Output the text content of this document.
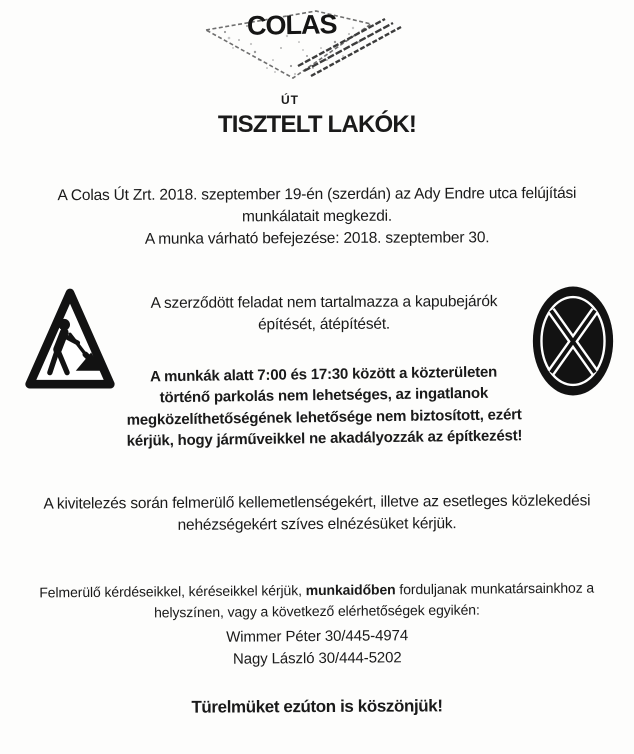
COLAS
ÚT
TISZTELT LAKÓK!
A Colas Út Zrt. 2018. szeptember 19-én (szerdán) az Ady Endre utca felújítási munkálatait megkezdi.
A munka várható befejezése: 2018. szeptember 30.

A szerződött feladat nem tartalmazza a kapubejárók építését, átépítését.

A munkák alatt 7:00 és 17:30 között a közterületen történő parkolás nem lehetséges, az ingatlanok megközelíthetőségének lehetősége nem biztosított, ezért kérjük, hogy járműveikkel ne akadályozzák az építkezést!

A kivitelezés során felmerülő kellemetlenségekért, illetve az esetleges közlekedési nehézségekért szíves elnézésüket kérjük.
Felmerülő kérdéseikkel, kéréseikkel kérjük, munkaidőben forduljanak munkatársainkhoz a helyszínen, vagy a következő elérhetőségek egyikén:
Wimmer Péter 30/445-4974
Nagy László 30/444-5202
Türelmüket ezúton is köszönjük!
